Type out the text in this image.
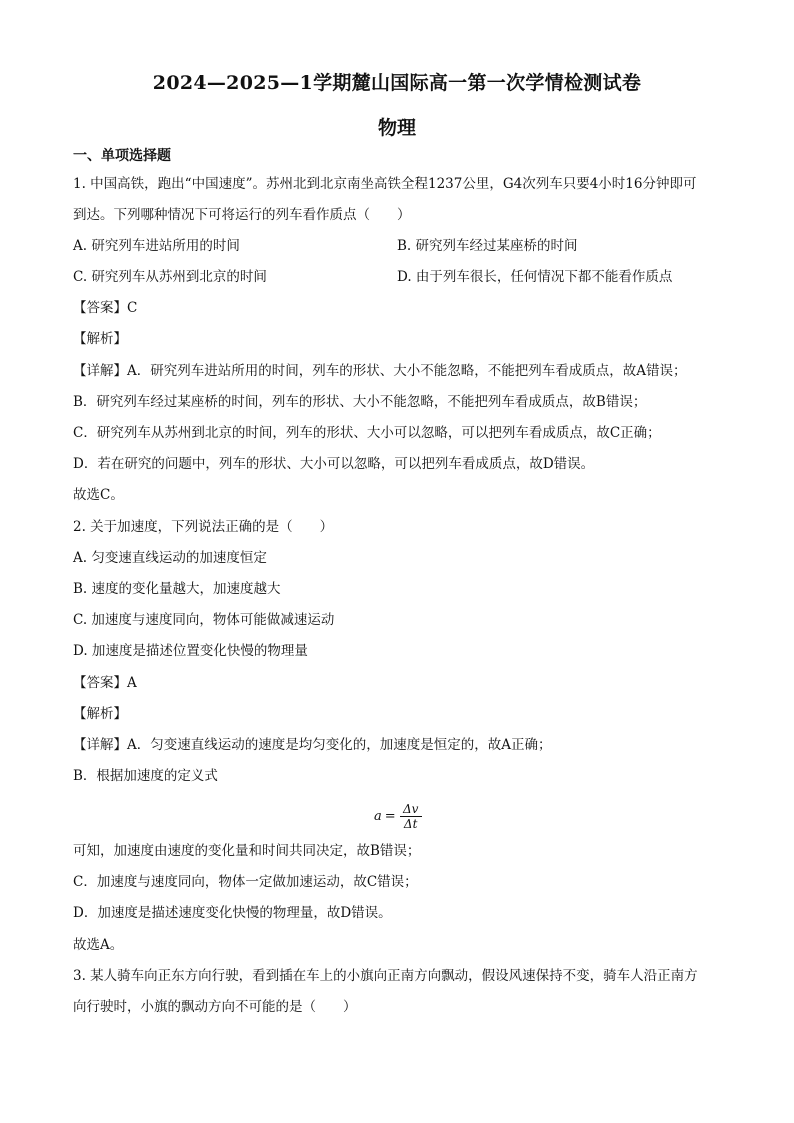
2024—2025—1学期麓山国际高一第一次学情检测试卷
物理
一、单项选择题
1. 中国高铁，跑出“中国速度”。苏州北到北京南坐高铁全程1237公里，G4次列车只要4小时16分钟即可
到达。下列哪种情况下可将运行的列车看作质点（　　）
A. 研究列车进站所用的时间	B. 研究列车经过某座桥的时间
C. 研究列车从苏州到北京的时间	D. 由于列车很长，任何情况下都不能看作质点
【答案】C
【解析】
【详解】A．研究列车进站所用的时间，列车的形状、大小不能忽略，不能把列车看成质点，故A错误；
B．研究列车经过某座桥的时间，列车的形状、大小不能忽略，不能把列车看成质点，故B错误；
C．研究列车从苏州到北京的时间，列车的形状、大小可以忽略，可以把列车看成质点，故C正确；
D．若在研究的问题中，列车的形状、大小可以忽略，可以把列车看成质点，故D错误。
故选C。
2. 关于加速度，下列说法正确的是（　　）
A. 匀变速直线运动的加速度恒定
B. 速度的变化量越大，加速度越大
C. 加速度与速度同向，物体可能做减速运动
D. 加速度是描述位置变化快慢的物理量
【答案】A
【解析】
【详解】A．匀变速直线运动的速度是均匀变化的，加速度是恒定的，故A正确；
B．根据加速度的定义式
$a = \frac{\Delta v}{\Delta t}$
可知，加速度由速度的变化量和时间共同决定，故B错误；
C．加速度与速度同向，物体一定做加速运动，故C错误；
D．加速度是描述速度变化快慢的物理量，故D错误。
故选A。
3. 某人骑车向正东方向行驶，看到插在车上的小旗向正南方向飘动，假设风速保持不变，骑车人沿正南方
向行驶时，小旗的飘动方向不可能的是（　　）
